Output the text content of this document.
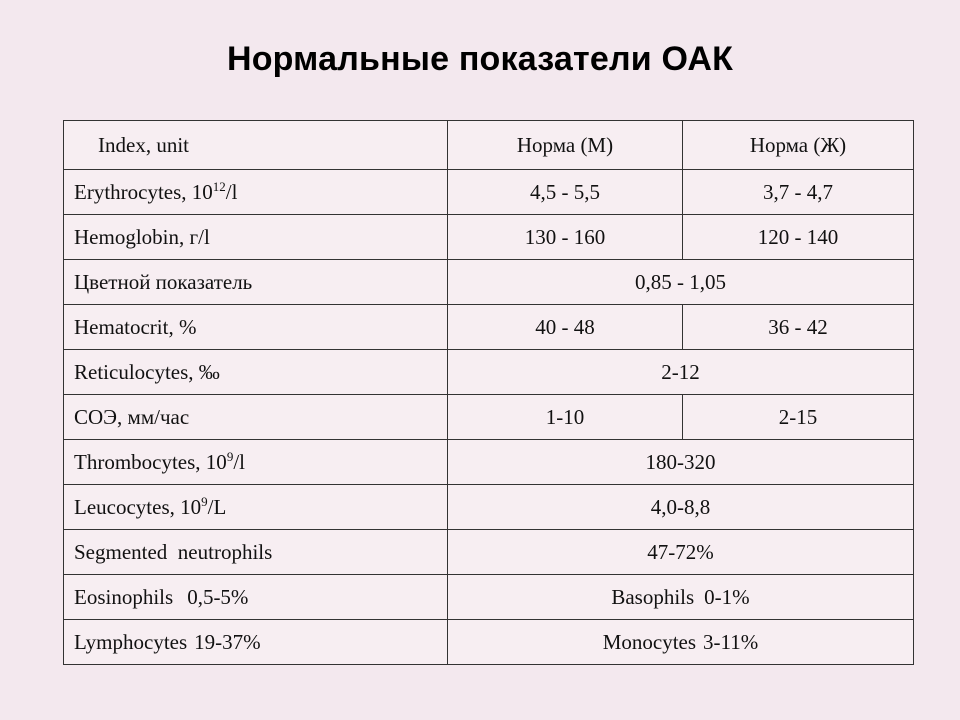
Нормальные показатели ОАК
Index, unit	Норма (М)	Норма (Ж)
Erythrocytes, $10^{12}/l$	4,5 - 5,5	3,7 - 4,7
Hemoglobin, г/l	130 - 160	120 - 140
Цветной показатель	0,85 - 1,05	
Hematocrit, %	40 - 48	36 - 42
Reticulocytes, ‰	2-12	
СОЭ, мм/час	1-10	2-15
Thrombocytes, $10^9/l$	180-320	
Leucocytes, $10^9/L$	4,0-8,8	
Segmented  neutrophils	47-72%	
Eosinophils 0,5-5%	Basophils 0-1%	
Lymphocytes 19-37%	Monocytes 3-11%	
